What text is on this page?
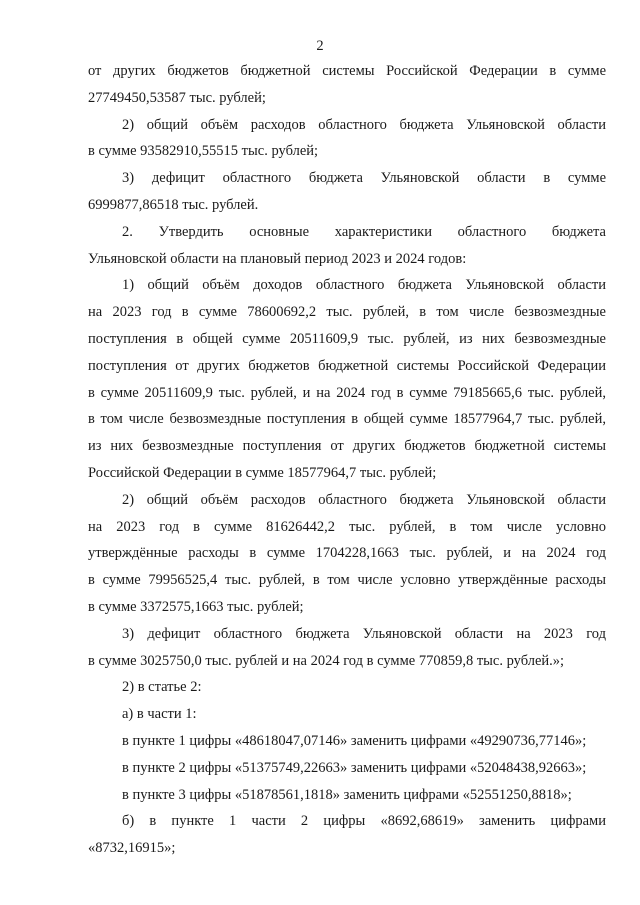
2
от других бюджетов бюджетной системы Российской Федерации в сумме
27749450,53587 тыс. рублей;
2) общий объём расходов областного бюджета Ульяновской области
в сумме 93582910,55515 тыс. рублей;
3) дефицит областного бюджета Ульяновской области в сумме
6999877,86518 тыс. рублей.
2. Утвердить основные характеристики областного бюджета
Ульяновской области на плановый период 2023 и 2024 годов:
1) общий объём доходов областного бюджета Ульяновской области
на 2023 год в сумме 78600692,2 тыс. рублей, в том числе безвозмездные
поступления в общей сумме 20511609,9 тыс. рублей, из них безвозмездные
поступления от других бюджетов бюджетной системы Российской Федерации
в сумме 20511609,9 тыс. рублей, и на 2024 год в сумме 79185665,6 тыс. рублей,
в том числе безвозмездные поступления в общей сумме 18577964,7 тыс. рублей,
из них безвозмездные поступления от других бюджетов бюджетной системы
Российской Федерации в сумме 18577964,7 тыс. рублей;
2) общий объём расходов областного бюджета Ульяновской области
на 2023 год в сумме 81626442,2 тыс. рублей, в том числе условно
утверждённые расходы в сумме 1704228,1663 тыс. рублей, и на 2024 год
в сумме 79956525,4 тыс. рублей, в том числе условно утверждённые расходы
в сумме 3372575,1663 тыс. рублей;
3) дефицит областного бюджета Ульяновской области на 2023 год
в сумме 3025750,0 тыс. рублей и на 2024 год в сумме 770859,8 тыс. рублей.»;
2) в статье 2:
а) в части 1:
в пункте 1 цифры «48618047,07146» заменить цифрами «49290736,77146»;
в пункте 2 цифры «51375749,22663» заменить цифрами «52048438,92663»;
в пункте 3 цифры «51878561,1818» заменить цифрами «52551250,8818»;
б) в пункте 1 части 2 цифры «8692,68619» заменить цифрами
«8732,16915»;
